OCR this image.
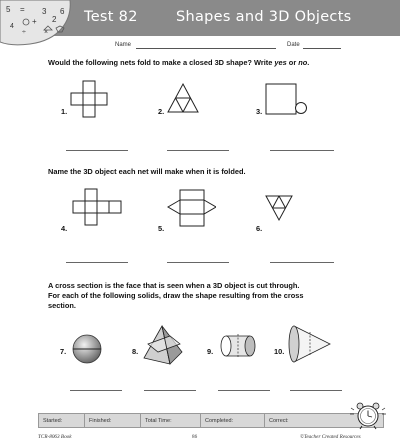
5 =
+
3
2
6
4
÷	×
Test 82	Shapes and 3D Objects
Name	Date
Would the following nets fold to make a closed 3D shape? Write yes or no.
1.	2.	3.
Name the 3D object each net will make when it is folded.
4.	5.	6.
A cross section is the face that is seen when a 3D object is cut through.
For each of the following solids, draw the shape resulting from the cross
section.
7.	8.	9.	10.
Started:	Finished:	Total Time:	Completed:	Correct:
TCR-8063 Book	86	©Teacher Created Resources
